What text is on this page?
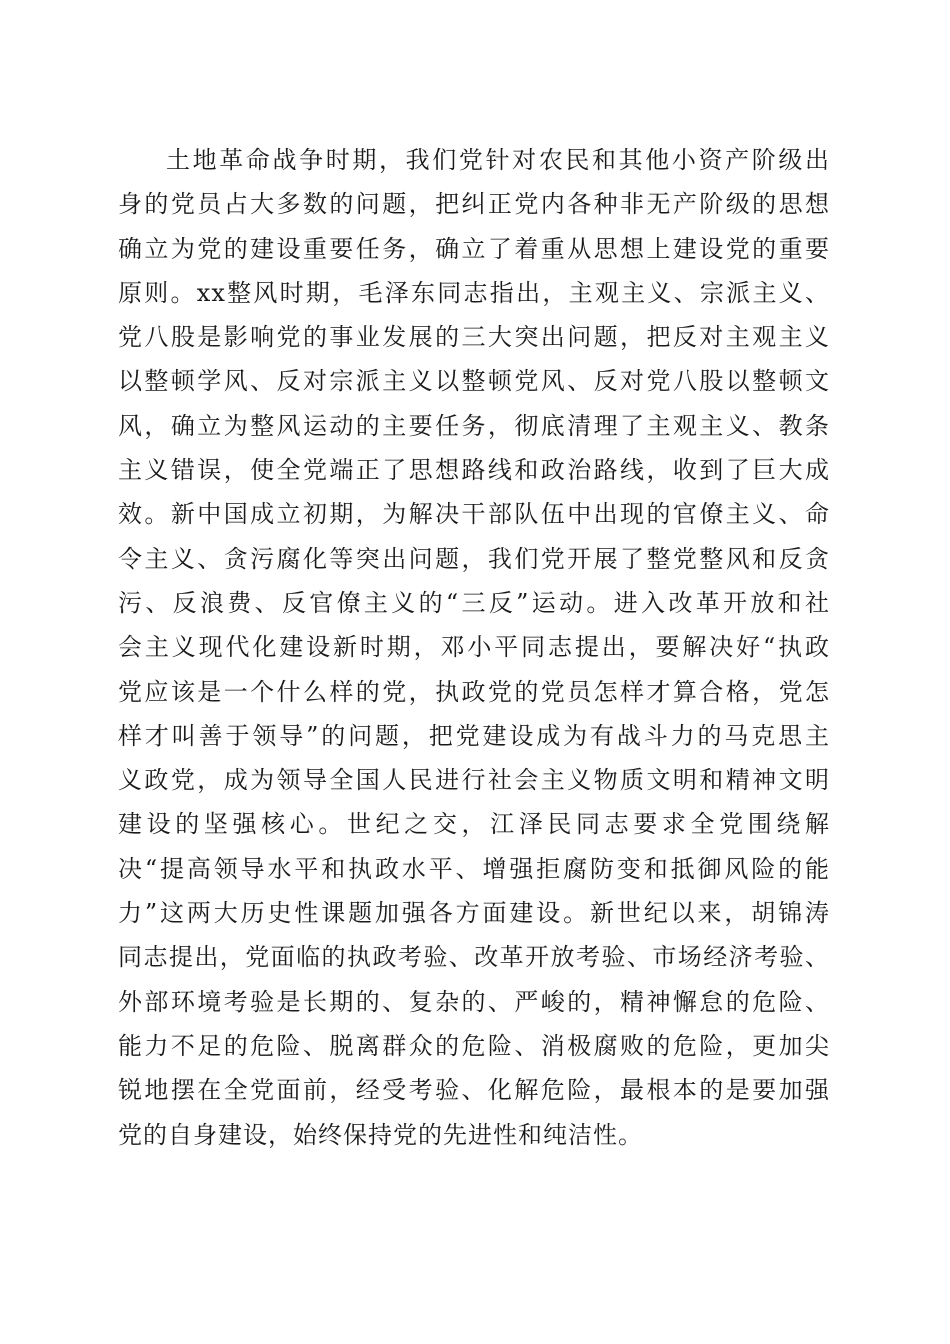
土地革命战争时期，我们党针对农民和其他小资产阶级出
身的党员占大多数的问题，把纠正党内各种非无产阶级的思想
确立为党的建设重要任务，确立了着重从思想上建设党的重要
原则。xx整风时期，毛泽东同志指出，主观主义、宗派主义、
党八股是影响党的事业发展的三大突出问题，把反对主观主义
以整顿学风、反对宗派主义以整顿党风、反对党八股以整顿文
风，确立为整风运动的主要任务，彻底清理了主观主义、教条
主义错误，使全党端正了思想路线和政治路线，收到了巨大成
效。新中国成立初期，为解决干部队伍中出现的官僚主义、命
令主义、贪污腐化等突出问题，我们党开展了整党整风和反贪
污、反浪费、反官僚主义的“三反”运动。进入改革开放和社
会主义现代化建设新时期，邓小平同志提出，要解决好“执政
党应该是一个什么样的党，执政党的党员怎样才算合格，党怎
样才叫善于领导”的问题，把党建设成为有战斗力的马克思主
义政党，成为领导全国人民进行社会主义物质文明和精神文明
建设的坚强核心。世纪之交，江泽民同志要求全党围绕解
决“提高领导水平和执政水平、增强拒腐防变和抵御风险的能
力”这两大历史性课题加强各方面建设。新世纪以来，胡锦涛
同志提出，党面临的执政考验、改革开放考验、市场经济考验、
外部环境考验是长期的、复杂的、严峻的，精神懈怠的危险、
能力不足的危险、脱离群众的危险、消极腐败的危险，更加尖
锐地摆在全党面前，经受考验、化解危险，最根本的是要加强
党的自身建设，始终保持党的先进性和纯洁性。
